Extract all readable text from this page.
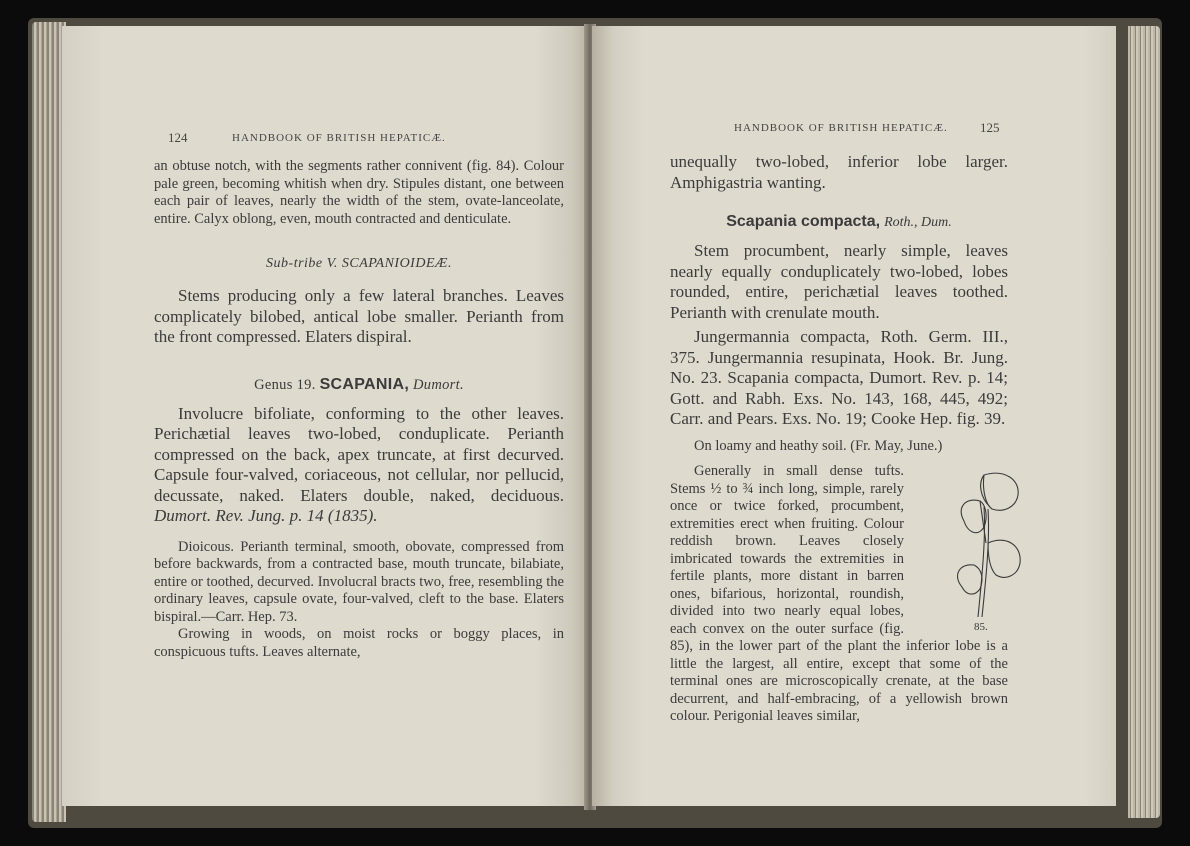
124	HANDBOOK OF BRITISH HEPATICÆ.

an obtuse notch, with the segments rather connivent (fig. 84). Colour pale green, becoming whitish when dry. Stipules distant, one between each pair of leaves, nearly the width of the stem, ovate-lanceolate, entire. Calyx oblong, even, mouth contracted and denticulate.

Sub-tribe V. SCAPANIOIDEÆ.

Stems producing only a few lateral branches. Leaves complicately bilobed, antical lobe smaller. Perianth from the front compressed. Elaters dispiral.

Genus 19. SCAPANIA, Dumort.

Involucre bifoliate, conforming to the other leaves. Perichætial leaves two-lobed, conduplicate. Perianth compressed on the back, apex truncate, at first decurved. Capsule four-valved, coriaceous, not cellular, nor pellucid, decussate, naked. Elaters double, naked, deciduous. Dumort. Rev. Jung. p. 14 (1835).

Dioicous. Perianth terminal, smooth, obovate, compressed from before backwards, from a contracted base, mouth truncate, bilabiate, entire or toothed, decurved. Involucral bracts two, free, resembling the ordinary leaves, capsule ovate, four-valved, cleft to the base. Elaters bispiral.—Carr. Hep. 73.

Growing in woods, on moist rocks or boggy places, in conspicuous tufts. Leaves alternate,

HANDBOOK OF BRITISH HEPATICÆ. 125

unequally two-lobed, inferior lobe larger. Amphigastria wanting.

Scapania compacta, Roth., Dum.

Stem procumbent, nearly simple, leaves nearly equally conduplicately two-lobed, lobes rounded, entire, perichætial leaves toothed. Perianth with crenulate mouth.

Jungermannia compacta, Roth. Germ. III., 375. Jungermannia resupinata, Hook. Br. Jung. No. 23. Scapania compacta, Dumort. Rev. p. 14; Gott. and Rabh. Exs. No. 143, 168, 445, 492; Carr. and Pears. Exs. No. 19; Cooke Hep. fig. 39.

On loamy and heathy soil. (Fr. May, June.)

85.
Generally in small dense tufts. Stems ½ to ¾ inch long, simple, rarely once or twice forked, procumbent, extremities erect when fruiting. Colour reddish brown. Leaves closely imbricated towards the extremities in fertile plants, more distant in barren ones, bifarious, horizontal, roundish, divided into two nearly equal lobes, each convex on the outer surface (fig. 85), in the lower part of the plant the inferior lobe is a little the largest, all entire, except that some of the terminal ones are microscopically crenate, at the base decurrent, and half-embracing, of a yellowish brown colour. Perigonial leaves similar,
